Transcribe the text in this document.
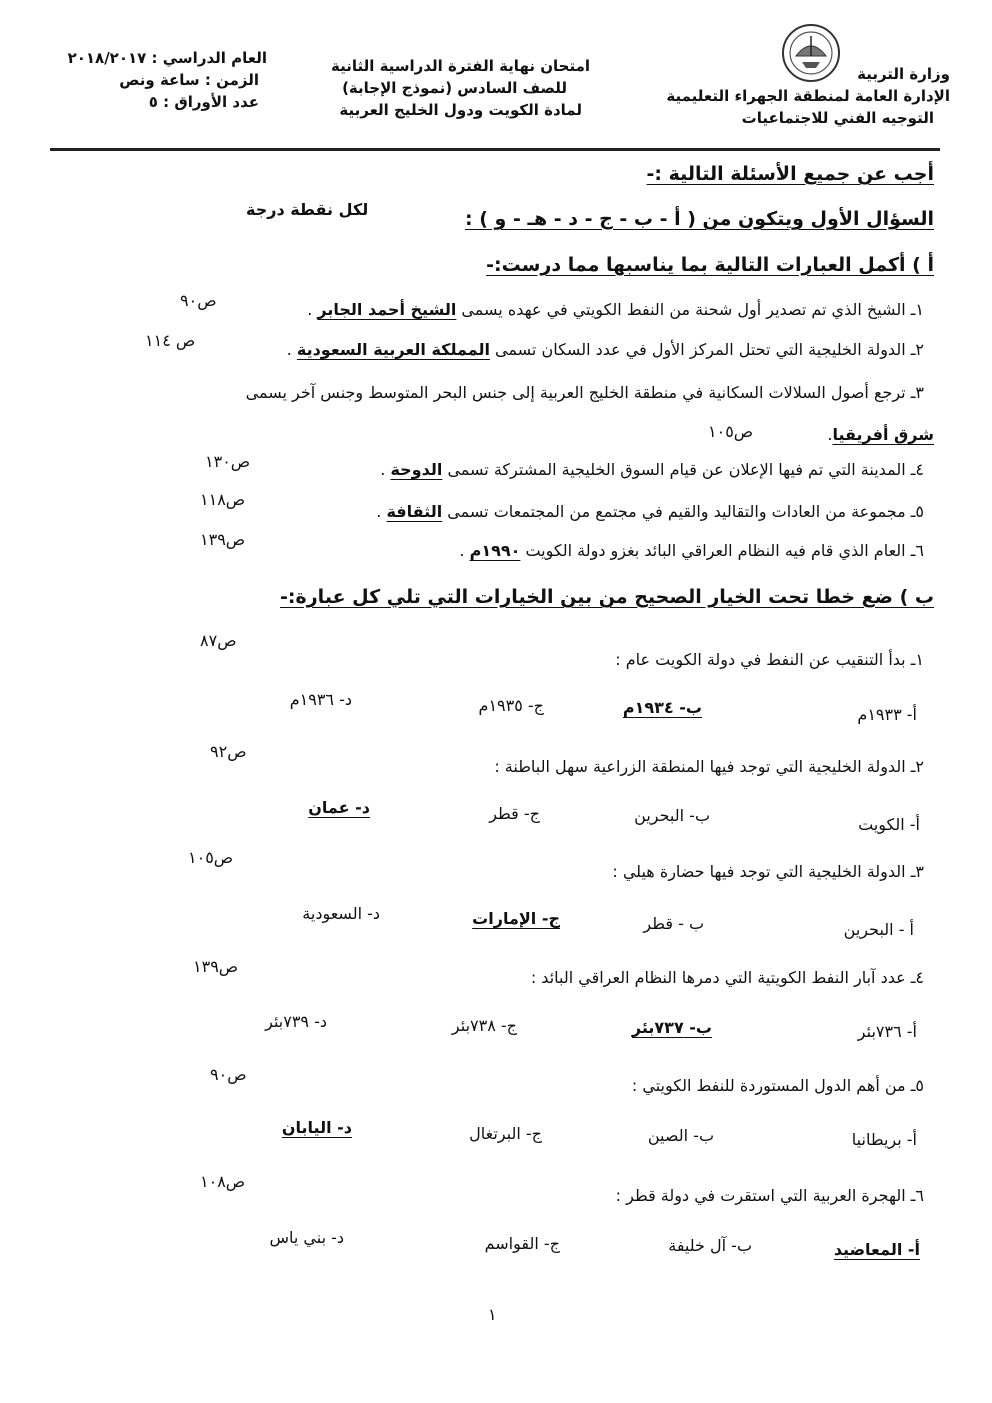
وزارة التربية
الإدارة العامة لمنطقة الجهراء التعليمية
التوجيه الفني للاجتماعيات
امتحان نهاية الفترة الدراسية الثانية
للصف السادس (نموذج الإجابة)
لمادة الكويت ودول الخليج العربية
العام الدراسي : ٢٠١٨/٢٠١٧
الزمن : ساعة ونص
عدد الأوراق : ٥
أجب عن جميع الأسئلة التالية :-
السؤال الأول ويتكون من ( أ - ب - ج - د - هـ - و ) :
لكل نقطة درجة
أ ) أكمل العبارات التالية بما يناسبها مما درست:-
١ـ الشيخ الذي تم تصدير أول شحنة من النفط الكويتي في عهده يسمى الشيخ أحمد الجابر .
ص٩٠
٢ـ الدولة الخليجية التي تحتل المركز الأول في عدد السكان تسمى المملكة العربية السعودية .
ص ١١٤
٣ـ ترجع أصول السلالات السكانية في منطقة الخليج العربية إلى جنس البحر المتوسط وجنس آخر يسمى
شرق أفريقيا.
ص١٠٥
٤ـ المدينة التي تم فيها الإعلان عن قيام السوق الخليجية المشتركة تسمى الدوحة .
ص١٣٠
٥ـ مجموعة من العادات والتقاليد والقيم في مجتمع من المجتمعات تسمى الثقافة .
ص١١٨
٦ـ العام الذي قام فيه النظام العراقي البائد بغزو دولة الكويت ١٩٩٠م .
ص١٣٩
ب ) ضع خطا تحت الخيار الصحيح من بين الخيارات التي تلي كل عبارة:-
ص٨٧
١ـ بدأ التنقيب عن النفط في دولة الكويت عام :
أ- ١٩٣٣م
ب- ١٩٣٤م
ج- ١٩٣٥م
د- ١٩٣٦م
ص٩٢
٢ـ الدولة الخليجية التي توجد فيها المنطقة الزراعية سهل الباطنة :
أ- الكويت
ب- البحرين
ج- قطر
د- عمان
ص١٠٥
٣ـ الدولة الخليجية التي توجد فيها حضارة هيلي :
أ - البحرين
ب - قطر
ج- الإمارات
د- السعودية
ص١٣٩
٤ـ عدد آبار النفط الكويتية التي دمرها النظام العراقي البائد :
أ- ٧٣٦بئر
ب- ٧٣٧بئر
ج- ٧٣٨بئر
د- ٧٣٩بئر
ص٩٠
٥ـ من أهم الدول المستوردة للنفط الكويتي :
أ- بريطانيا
ب- الصين
ج- البرتغال
د- اليابان
ص١٠٨
٦ـ الهجرة العربية التي استقرت في دولة قطر :
أ- المعاضيد
ب- آل خليفة
ج- القواسم
د- بني ياس
١
